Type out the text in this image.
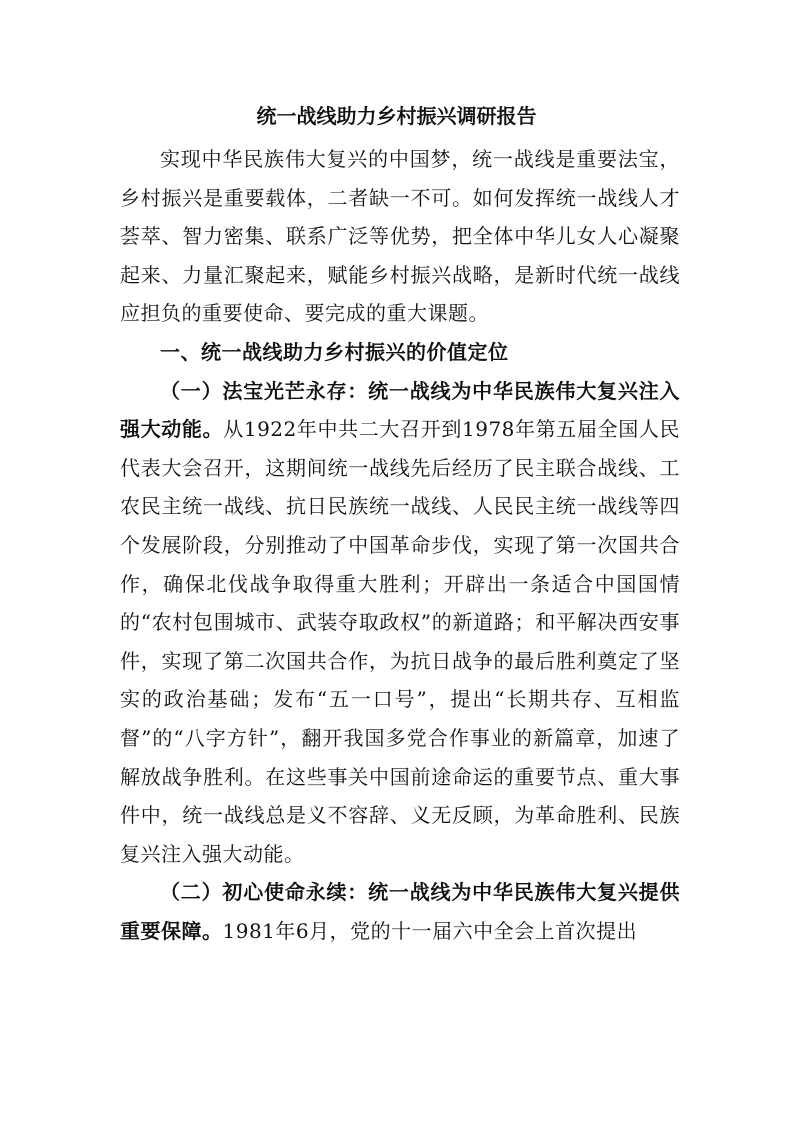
统一战线助力乡村振兴调研报告

实现中华民族伟大复兴的中国梦，统一战线是重要法宝，乡村振兴是重要载体，二者缺一不可。如何发挥统一战线人才荟萃、智力密集、联系广泛等优势，把全体中华儿女人心凝聚起来、力量汇聚起来，赋能乡村振兴战略，是新时代统一战线应担负的重要使命、要完成的重大课题。

一、统一战线助力乡村振兴的价值定位

（一）法宝光芒永存：统一战线为中华民族伟大复兴注入强大动能。从1922年中共二大召开到1978年第五届全国人民代表大会召开，这期间统一战线先后经历了民主联合战线、工农民主统一战线、抗日民族统一战线、人民民主统一战线等四个发展阶段，分别推动了中国革命步伐，实现了第一次国共合作，确保北伐战争取得重大胜利；开辟出一条适合中国国情的“农村包围城市、武装夺取政权”的新道路；和平解决西安事件，实现了第二次国共合作，为抗日战争的最后胜利奠定了坚实的政治基础；发布“五一口号”，提出“长期共存、互相监督”的“八字方针”，翻开我国多党合作事业的新篇章，加速了解放战争胜利。在这些事关中国前途命运的重要节点、重大事件中，统一战线总是义不容辞、义无反顾，为革命胜利、民族复兴注入强大动能。

（二）初心使命永续：统一战线为中华民族伟大复兴提供重要保障。1981年6月，党的十一届六中全会上首次提出
